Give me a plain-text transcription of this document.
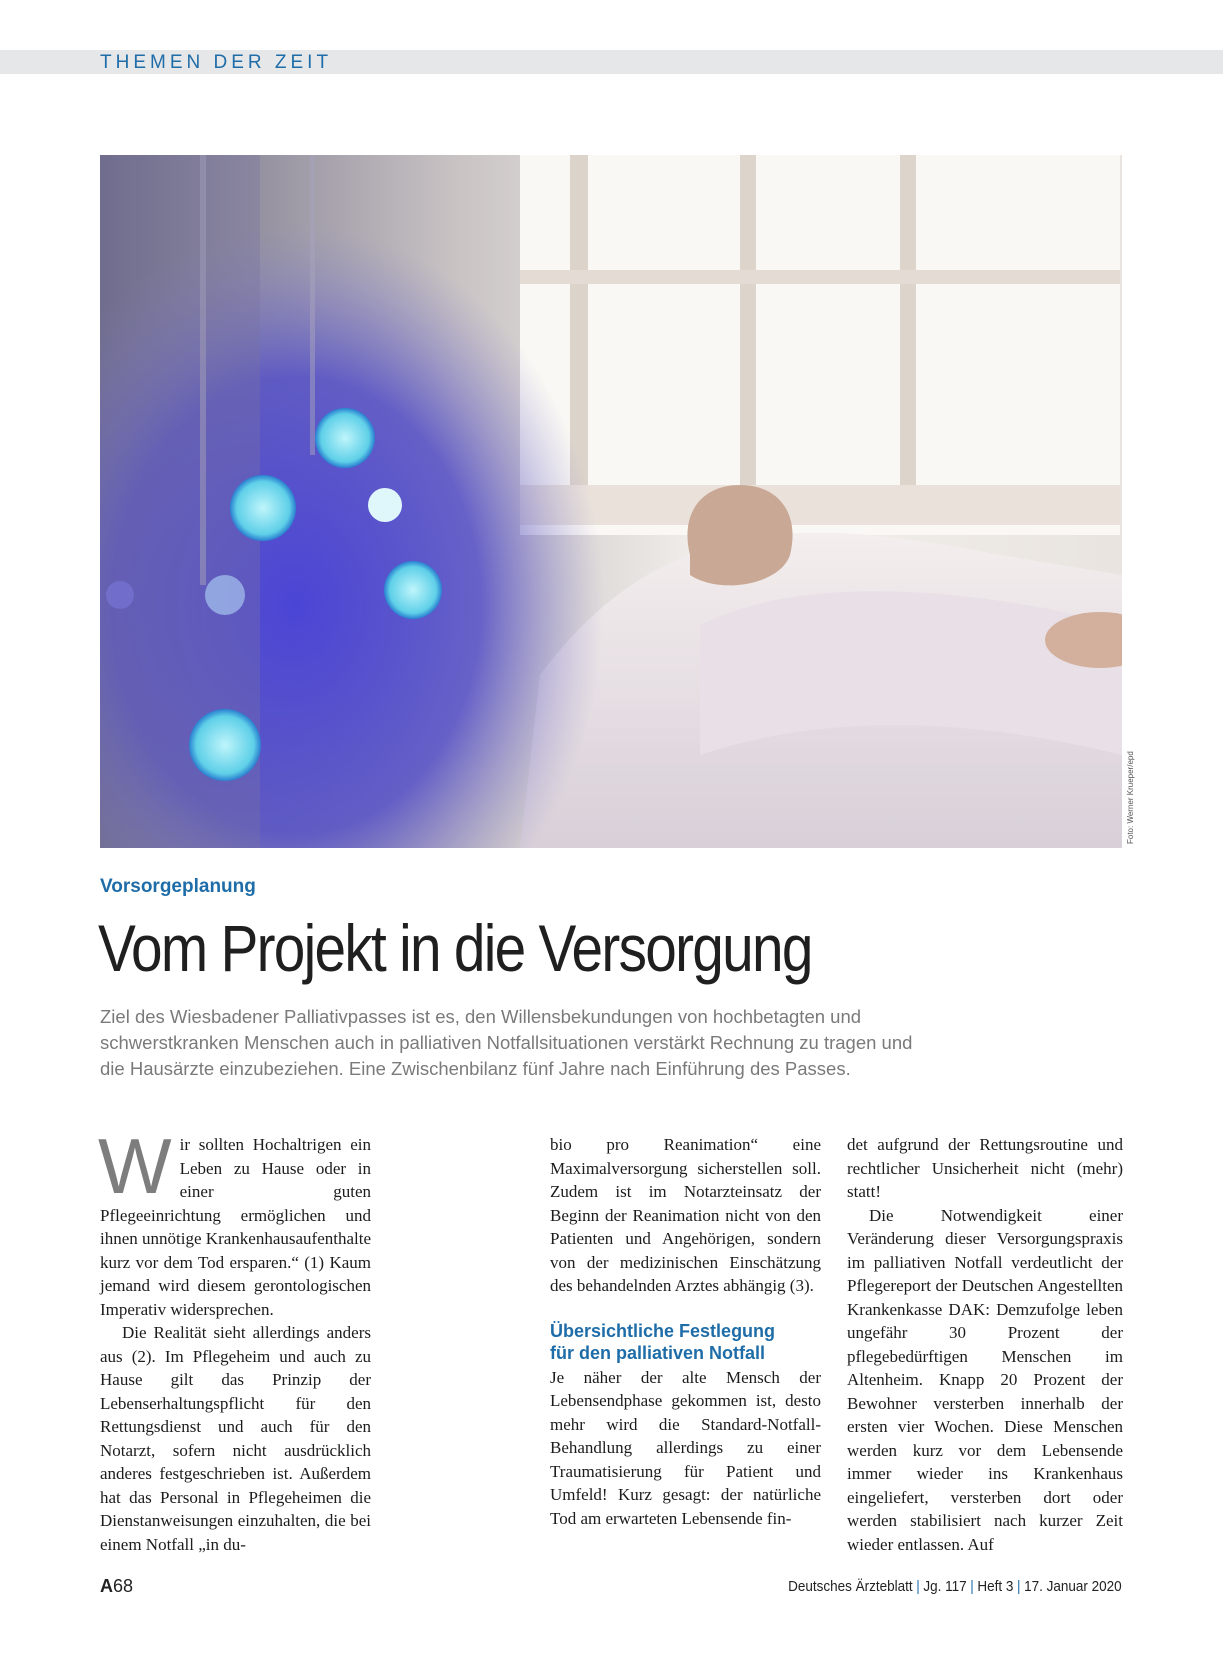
THEMEN DER ZEIT
Foto: Werner Krueper/epd
Vorsorgeplanung
Vom Projekt in die Versorgung
Ziel des Wiesbadener Palliativpasses ist es, den Willensbekundungen von hochbetagten und
schwerstkranken Menschen auch in palliativen Notfallsituationen verstärkt Rechnung zu tragen und
die Hausärzte einzubeziehen. Eine Zwischenbilanz fünf Jahre nach Einführung des Passes.

Wir sollten Hochaltrigen ein Leben zu Hause oder in einer guten Pflegeeinrichtung ermöglichen und ihnen unnötige Krankenhausaufenthalte kurz vor dem Tod ersparen.“ (1) Kaum jemand wird diesem gerontologischen Imperativ widersprechen.

Die Realität sieht allerdings anders aus (2). Im Pflegeheim und auch zu Hause gilt das Prinzip der Lebenserhaltungspflicht für den Rettungsdienst und auch für den Notarzt, sofern nicht ausdrücklich anderes festgeschrieben ist. Außerdem hat das Personal in Pflegeheimen die Dienstanweisungen einzuhalten, die bei einem Notfall „in du-

bio pro Reanimation“ eine Maximalversorgung sicherstellen soll. Zudem ist im Notarzteinsatz der Beginn der Reanimation nicht von den Patienten und Angehörigen, sondern von der medizinischen Einschätzung des behandelnden Arztes abhängig (3).

Übersichtliche Festlegung
für den palliativen Notfall

Je näher der alte Mensch der Lebensendphase gekommen ist, desto mehr wird die Standard-Notfall-Behandlung allerdings zu einer Traumatisierung für Patient und Umfeld! Kurz gesagt: der natürliche Tod am erwarteten Lebensende fin-

det aufgrund der Rettungsroutine und rechtlicher Unsicherheit nicht (mehr) statt!

Die Notwendigkeit einer Veränderung dieser Versorgungspraxis im palliativen Notfall verdeutlicht der Pflegereport der Deutschen Angestellten Krankenkasse DAK: Demzufolge leben ungefähr 30 Prozent der pflegebedürftigen Menschen im Altenheim. Knapp 20 Prozent der Bewohner versterben innerhalb der ersten vier Wochen. Diese Menschen werden kurz vor dem Lebensende immer wieder ins Krankenhaus eingeliefert, versterben dort oder werden stabilisiert nach kurzer Zeit wieder entlassen. Auf

A68	Deutsches Ärzteblatt | Jg. 117 | Heft 3 | 17. Januar 2020
